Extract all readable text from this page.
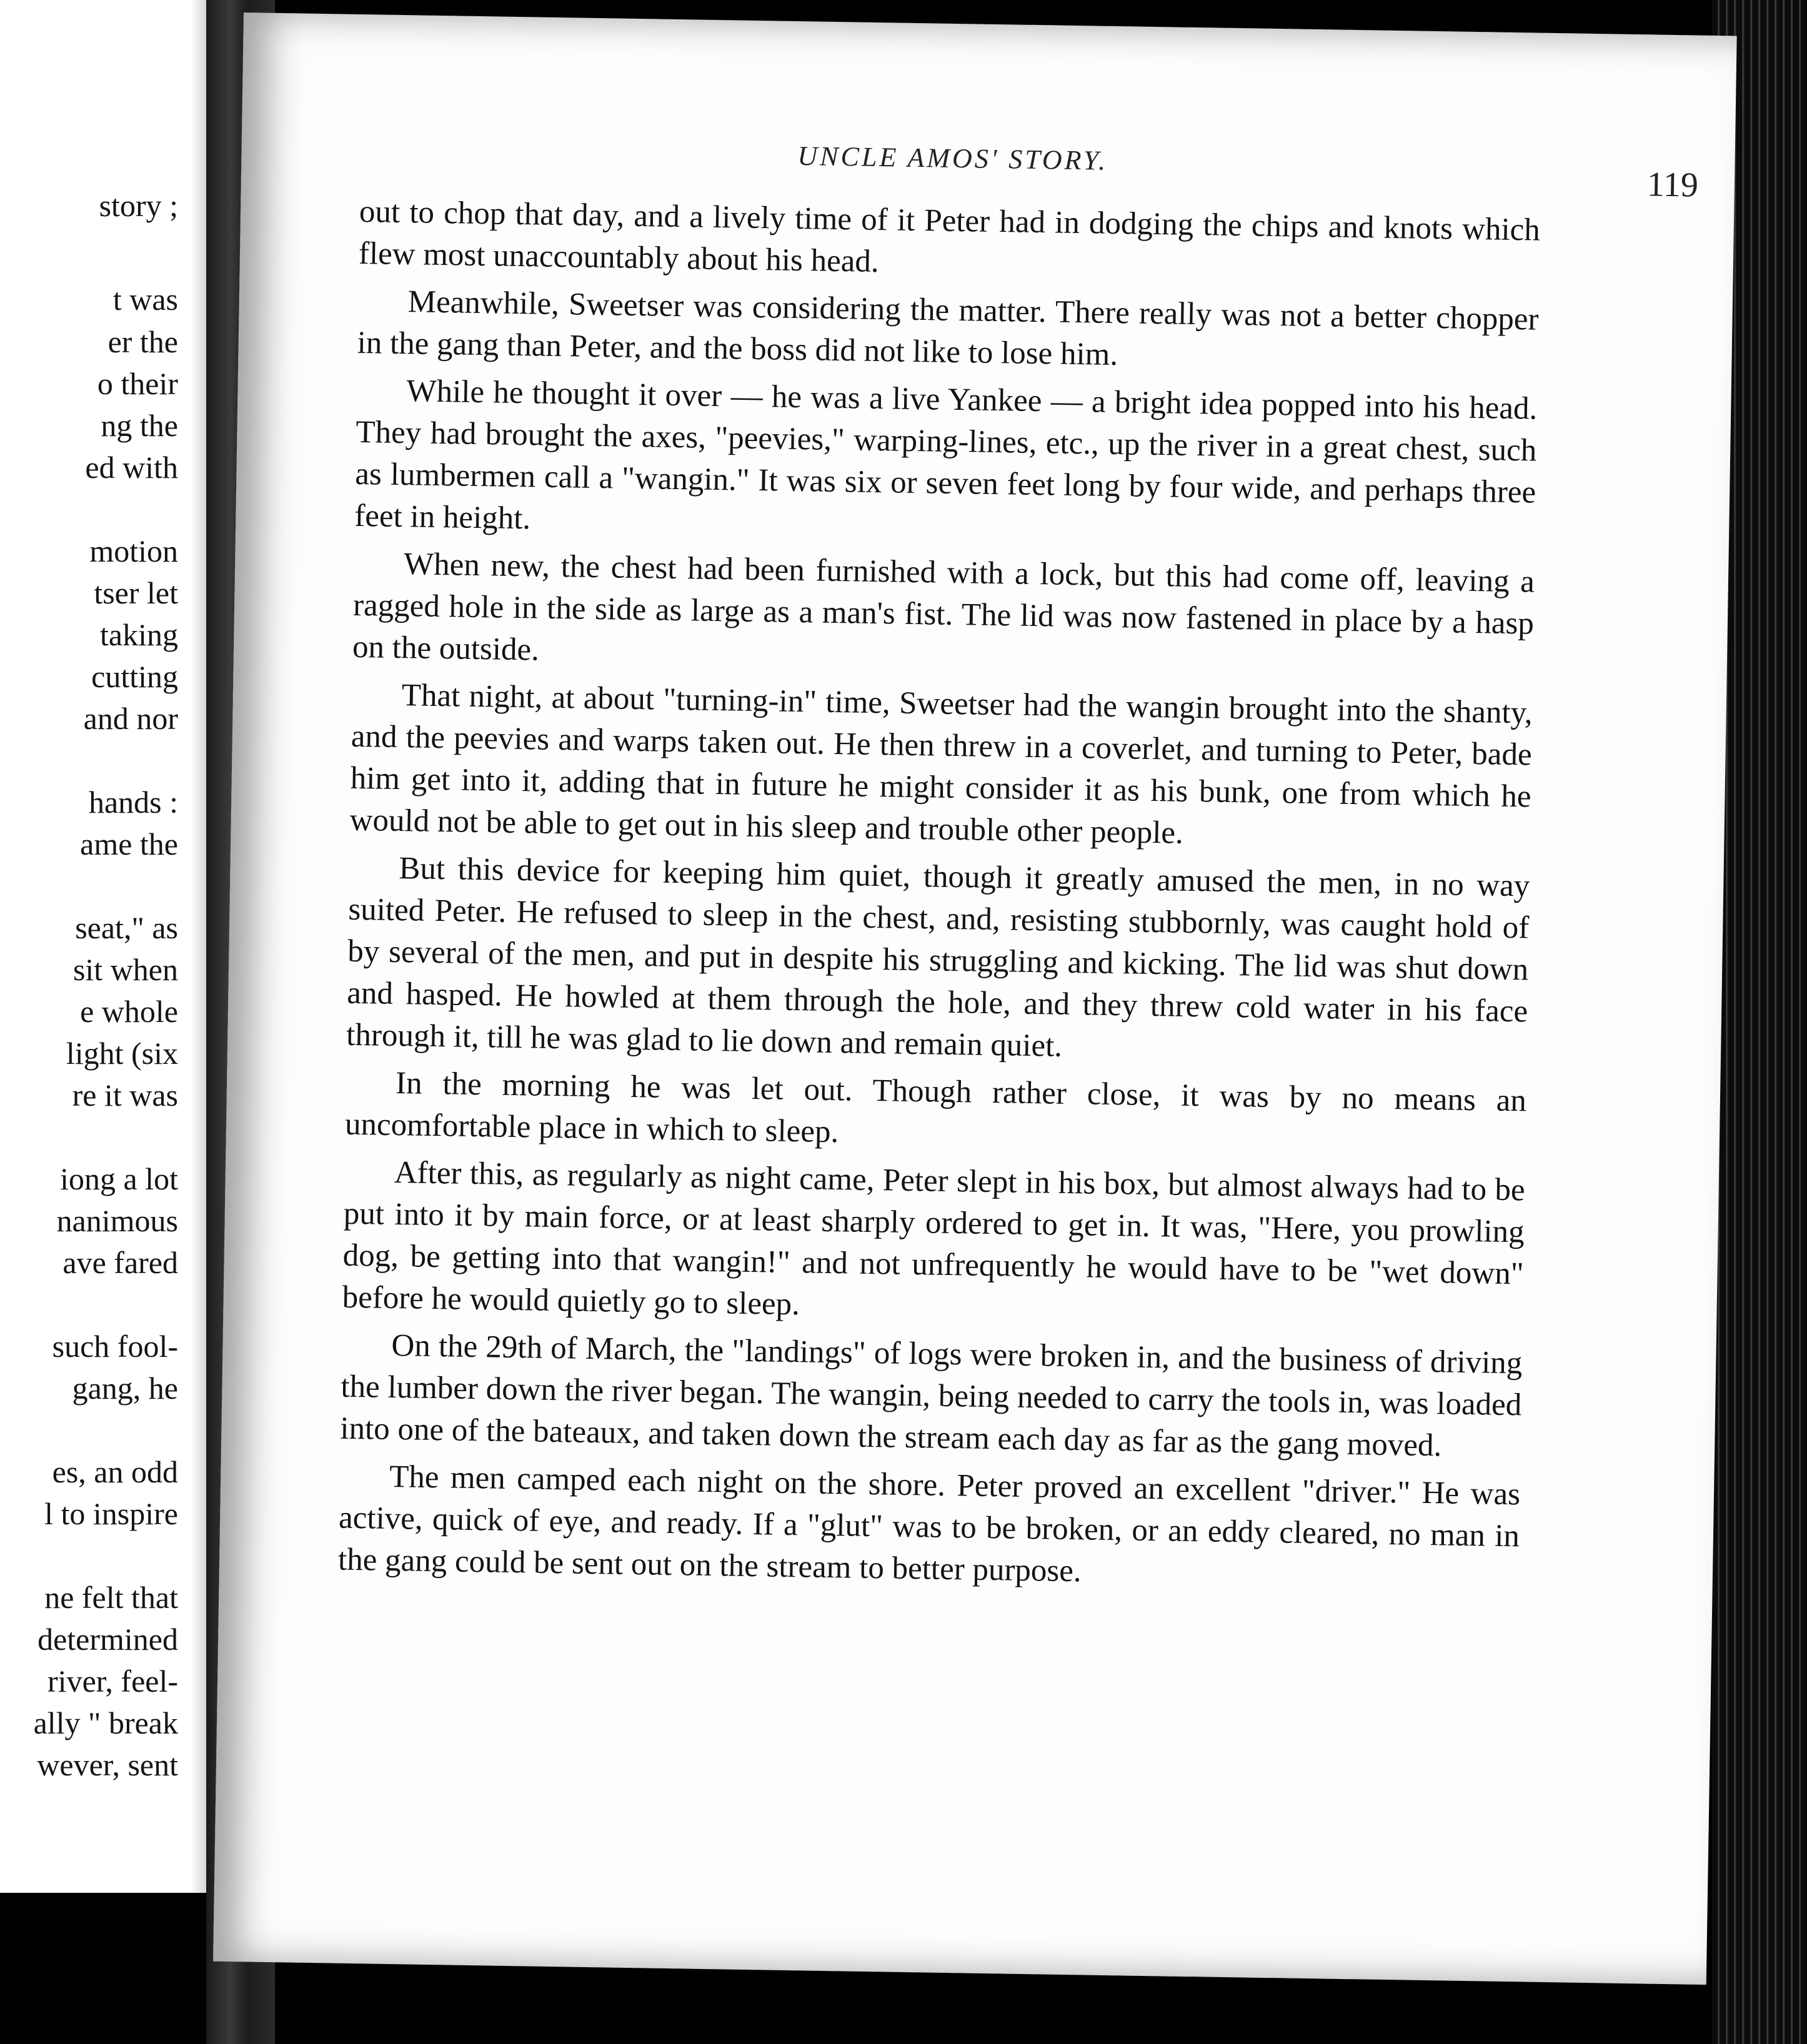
story ;
t was
er the
o their
ng the
ed with
motion
tser let
taking
cutting
and nor
hands :
ame the
seat," as
sit when
e whole
light (six
re it was
iong a lot
nanimous
ave fared
such fool-
gang, he
es, an odd
l to inspire
ne felt that
determined
river, feel-
ally " break
wever, sent
UNCLE AMOS' STORY.
119

out to chop that day, and a lively time of it Peter had in dodging the chips and knots which flew most unaccountably about his head.

Meanwhile, Sweetser was considering the matter. There really was not a better chopper in the gang than Peter, and the boss did not like to lose him.

While he thought it over — he was a live Yankee — a bright idea popped into his head. They had brought the axes, "peevies," warping-lines, etc., up the river in a great chest, such as lumbermen call a "wangin." It was six or seven feet long by four wide, and perhaps three feet in height.

When new, the chest had been furnished with a lock, but this had come off, leaving a ragged hole in the side as large as a man's fist. The lid was now fastened in place by a hasp on the outside.

That night, at about "turning-in" time, Sweetser had the wangin brought into the shanty, and the peevies and warps taken out. He then threw in a coverlet, and turning to Peter, bade him get into it, adding that in future he might consider it as his bunk, one from which he would not be able to get out in his sleep and trouble other people.

But this device for keeping him quiet, though it greatly amused the men, in no way suited Peter. He refused to sleep in the chest, and, resisting stubbornly, was caught hold of by several of the men, and put in despite his struggling and kicking. The lid was shut down and hasped. He howled at them through the hole, and they threw cold water in his face through it, till he was glad to lie down and remain quiet.

In the morning he was let out. Though rather close, it was by no means an uncomfortable place in which to sleep.

After this, as regularly as night came, Peter slept in his box, but almost always had to be put into it by main force, or at least sharply ordered to get in. It was, "Here, you prowling dog, be getting into that wangin!" and not unfrequently he would have to be "wet down" before he would quietly go to sleep.

On the 29th of March, the "landings" of logs were broken in, and the business of driving the lumber down the river began. The wangin, being needed to carry the tools in, was loaded into one of the bateaux, and taken down the stream each day as far as the gang moved.

The men camped each night on the shore. Peter proved an excellent "driver." He was active, quick of eye, and ready. If a "glut" was to be broken, or an eddy cleared, no man in the gang could be sent out on the stream to better purpose.
